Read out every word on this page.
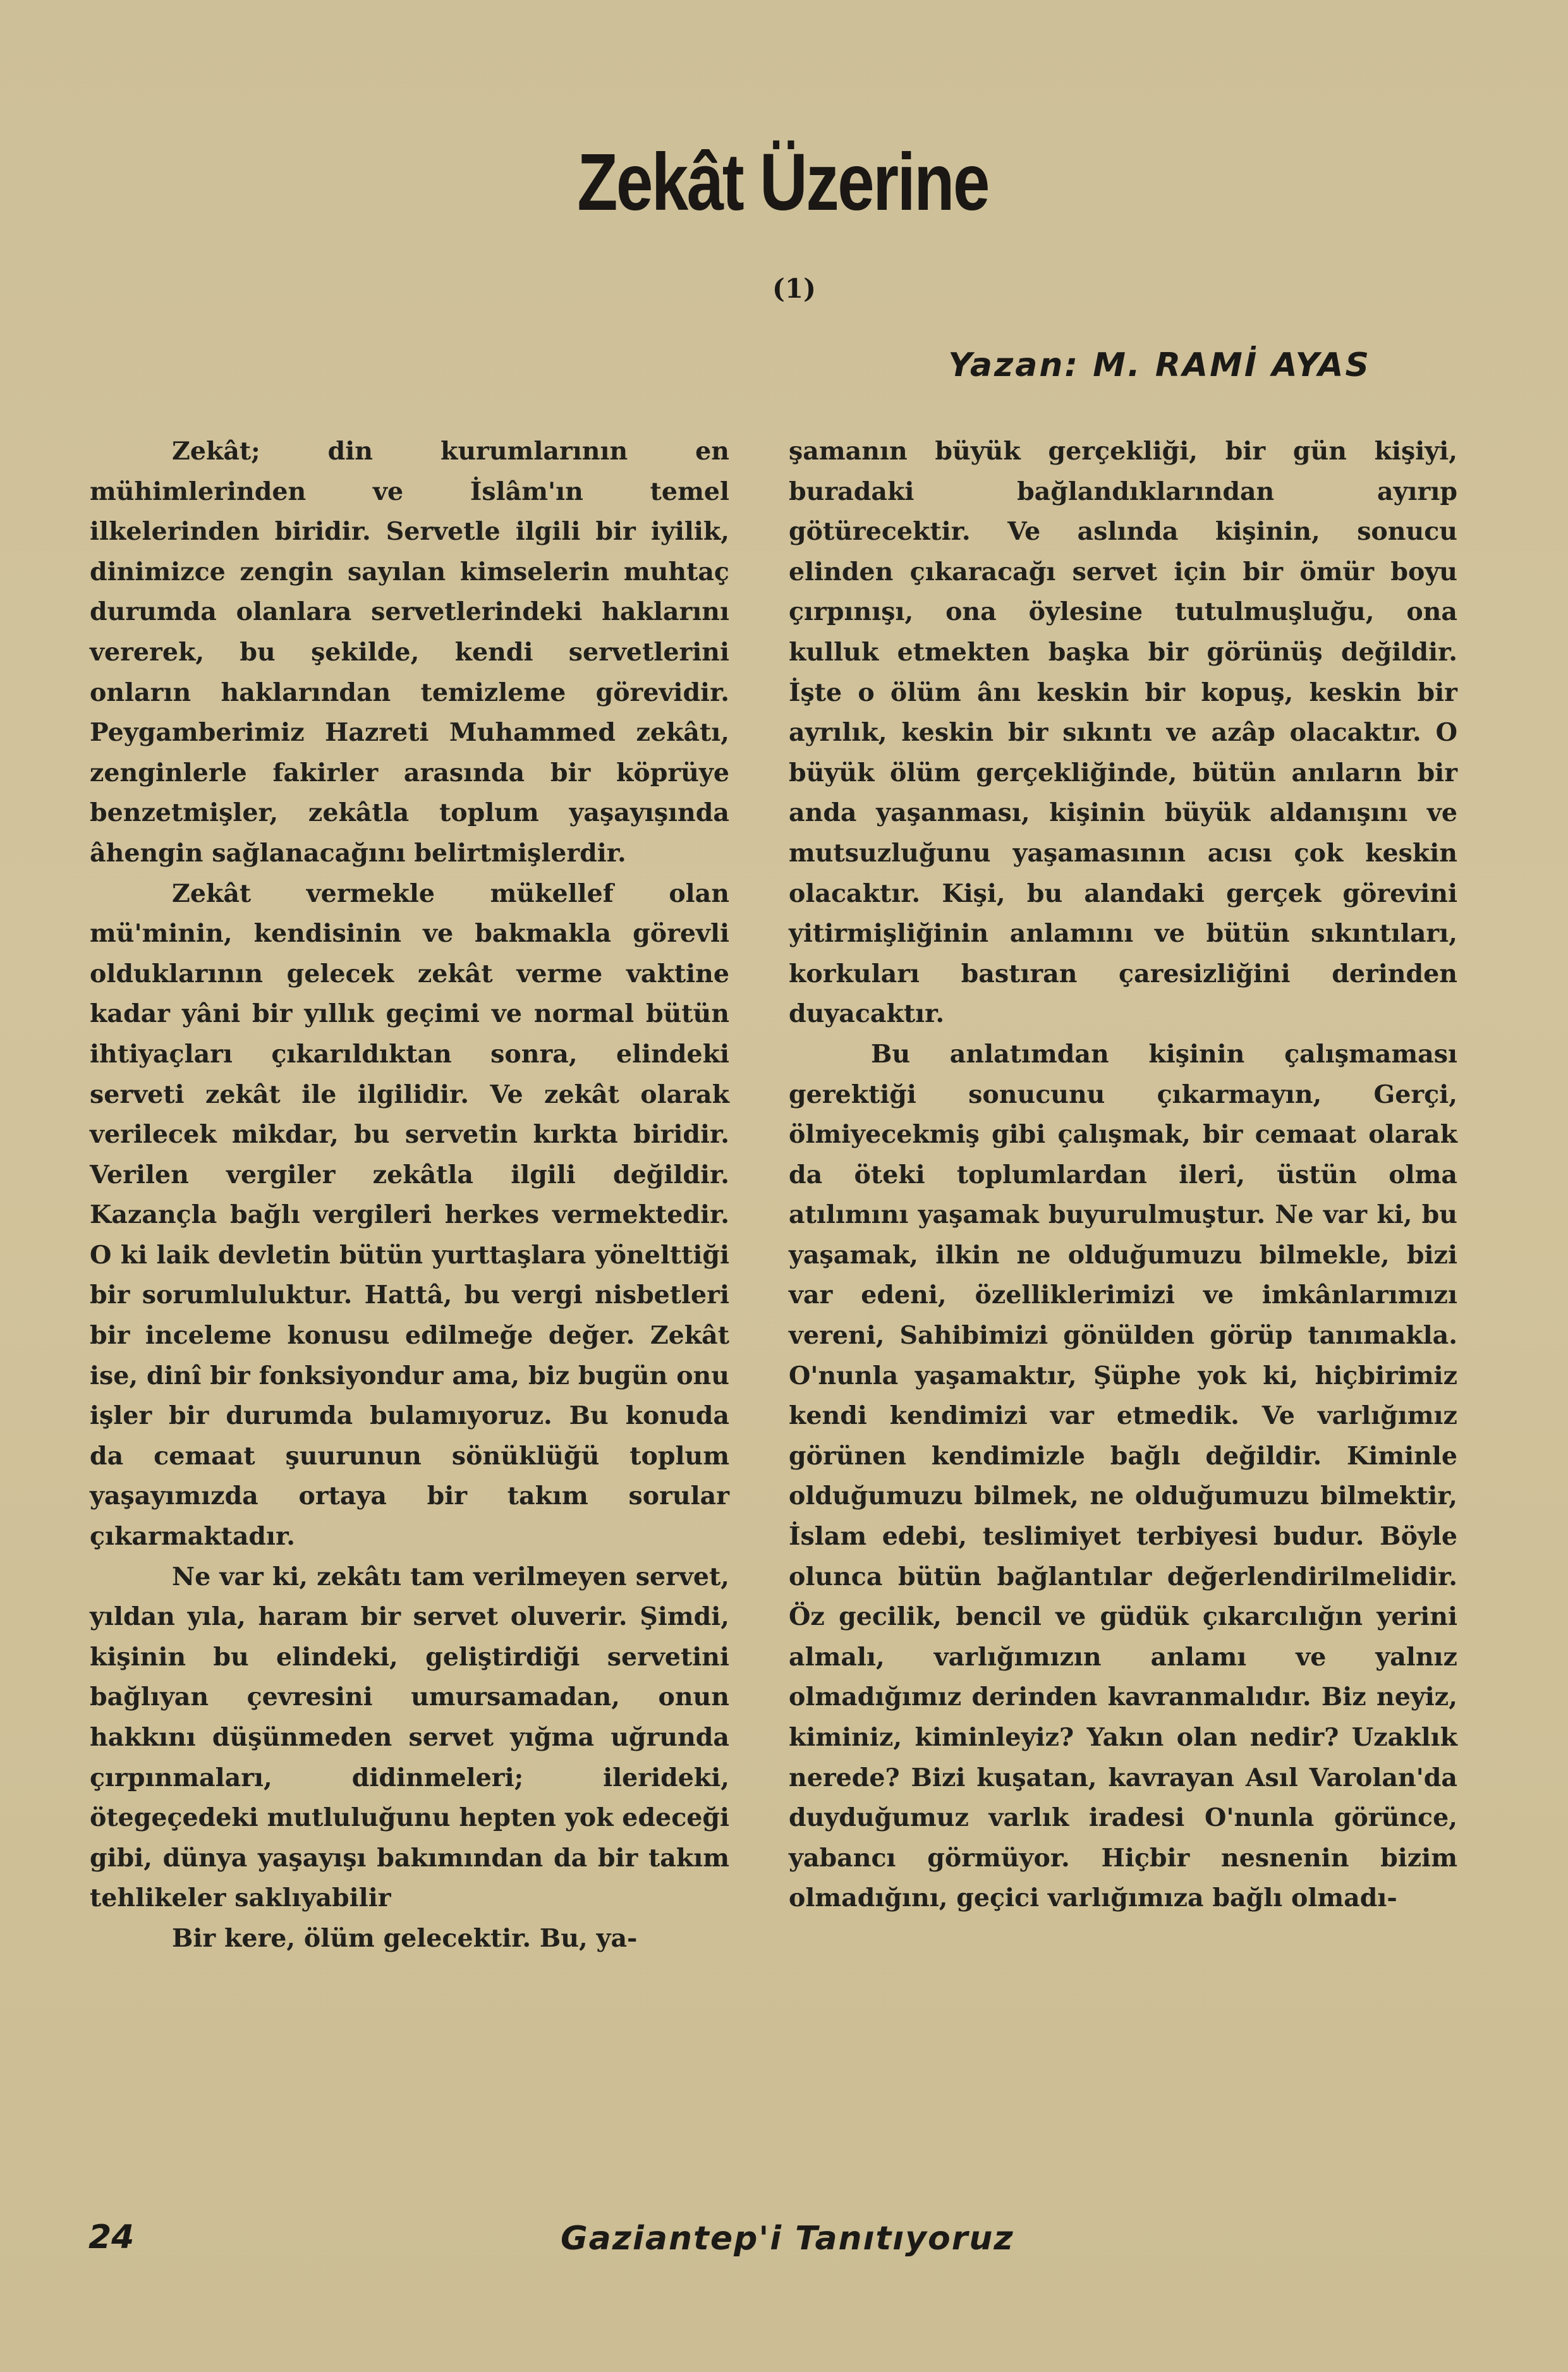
Zekât Üzerine
(1)
Yazan: M. RAMİ AYAS

Zekât; din kurumlarının en mühimlerinden ve İslâm'ın temel ilkelerinden biridir. Servetle ilgili bir iyilik, dinimizce zengin sayılan kimselerin muhtaç durumda olanlara servetlerindeki haklarını vererek, bu şekilde, kendi servetlerini onların haklarından temizleme görevidir. Peygamberimiz Hazreti Muhammed zekâtı, zenginlerle fakirler arasında bir köprüye benzetmişler, zekâtla toplum yaşayışında âhengin sağlanacağını belirtmişlerdir.

Zekât vermekle mükellef olan mü'minin, kendisinin ve bakmakla görevli olduklarının gelecek zekât verme vaktine kadar yâni bir yıllık geçimi ve normal bütün ihtiyaçları çıkarıldıktan sonra, elindeki serveti zekât ile ilgilidir. Ve zekât olarak verilecek mikdar, bu servetin kırkta biridir. Verilen vergiler zekâtla ilgili değildir. Kazançla bağlı vergileri herkes vermektedir. O ki laik devletin bütün yurttaşlara yönelttiği bir sorumluluktur. Hattâ, bu vergi nisbetleri bir inceleme konusu edilmeğe değer. Zekât ise, dinî bir fonksiyondur ama, biz bugün onu işler bir durumda bulamıyoruz. Bu konuda da cemaat şuurunun sönüklüğü toplum yaşayımızda ortaya bir takım sorular çıkarmaktadır.

Ne var ki, zekâtı tam verilmeyen servet, yıldan yıla, haram bir servet oluverir. Şimdi, kişinin bu elindeki, geliştirdiği servetini bağlıyan çevresini umursamadan, onun hakkını düşünmeden servet yığma uğrunda çırpınmaları, didinmeleri; ilerideki, ötegeçedeki mutluluğunu hepten yok edeceği gibi, dünya yaşayışı bakımından da bir takım tehlikeler saklıyabilir

Bir kere, ölüm gelecektir. Bu, ya-

şamanın büyük gerçekliği, bir gün kişiyi, buradaki bağlandıklarından ayırıp götürecektir. Ve aslında kişinin, sonucu elinden çıkaracağı servet için bir ömür boyu çırpınışı, ona öylesine tutulmuşluğu, ona kulluk etmekten başka bir görünüş değildir. İşte o ölüm ânı keskin bir kopuş, keskin bir ayrılık, keskin bir sıkıntı ve azâp olacaktır. O büyük ölüm gerçekliğinde, bütün anıların bir anda yaşanması, kişinin büyük aldanışını ve mutsuzluğunu yaşamasının acısı çok keskin olacaktır. Kişi, bu alandaki gerçek görevini yitirmişliğinin anlamını ve bütün sıkıntıları, korkuları bastıran çaresizliğini derinden duyacaktır.

Bu anlatımdan kişinin çalışmaması gerektiği sonucunu çıkarmayın, Gerçi, ölmiyecekmiş gibi çalışmak, bir cemaat olarak da öteki toplumlardan ileri, üstün olma atılımını yaşamak buyurulmuştur. Ne var ki, bu yaşamak, ilkin ne olduğumuzu bilmekle, bizi var edeni, özelliklerimizi ve imkânlarımızı vereni, Sahibimizi gönülden görüp tanımakla. O'nunla yaşamaktır, Şüphe yok ki, hiçbirimiz kendi kendimizi var etmedik. Ve varlığımız görünen kendimizle bağlı değildir. Kiminle olduğumuzu bilmek, ne olduğumuzu bilmektir, İslam edebi, teslimiyet terbiyesi budur. Böyle olunca bütün bağlantılar değerlendirilmelidir. Öz gecilik, bencil ve güdük çıkarcılığın yerini almalı, varlığımızın anlamı ve yalnız olmadığımız derinden kavranmalıdır. Biz neyiz, kiminiz, kiminleyiz? Yakın olan nedir? Uzaklık nerede? Bizi kuşatan, kavrayan Asıl Varolan'da duyduğumuz varlık iradesi O'nunla görünce, yabancı görmüyor. Hiçbir nesnenin bizim olmadığını, geçici varlığımıza bağlı olmadı-

24	Gaziantep'i Tanıtıyoruz
